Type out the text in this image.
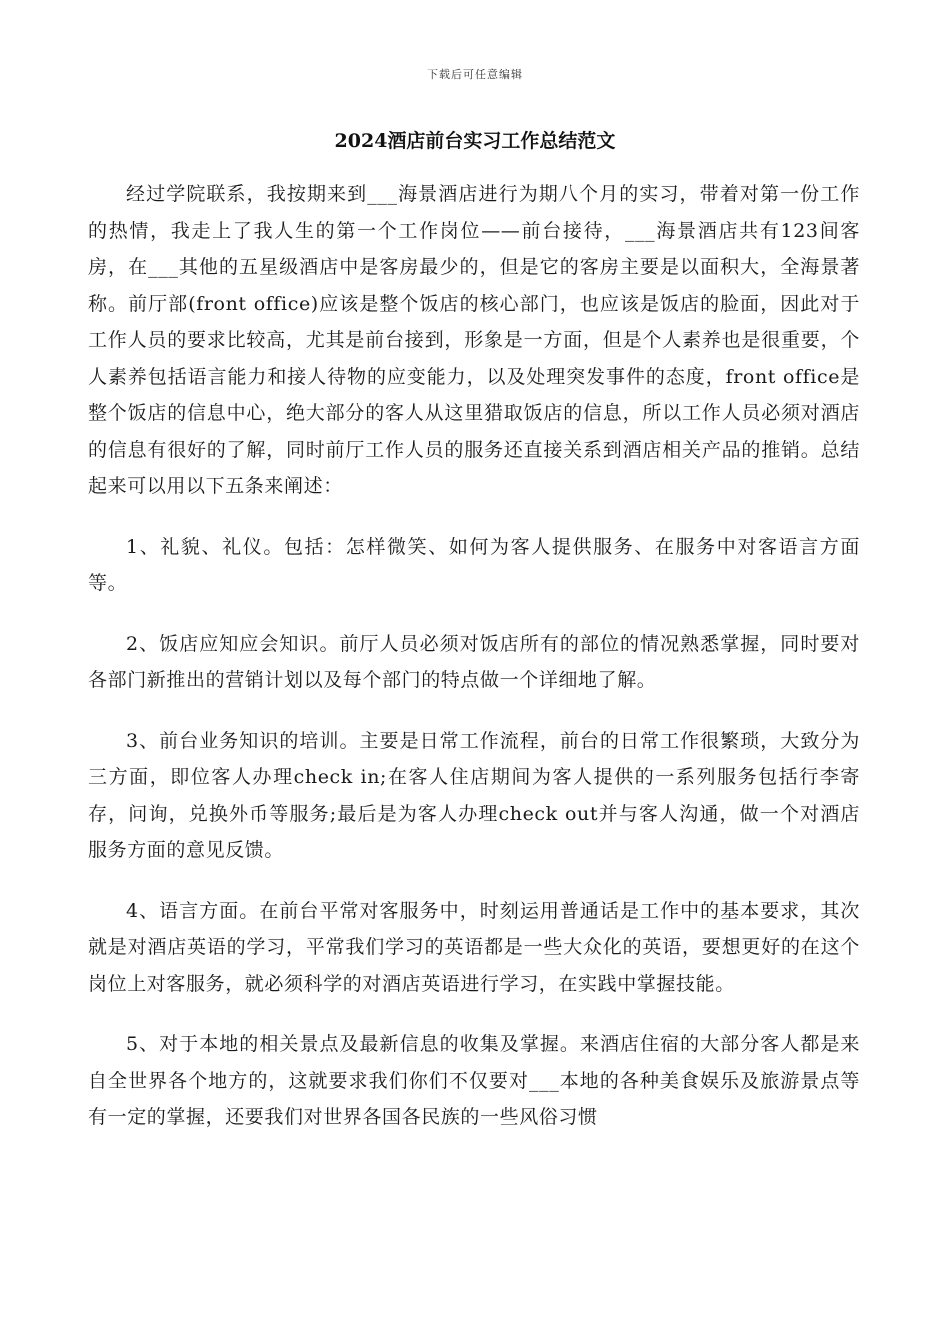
下载后可任意编辑
2024酒店前台实习工作总结范文

经过学院联系，我按期来到___海景酒店进行为期八个月的实习，带着对第一份工作的热情，我走上了我人生的第一个工作岗位——前台接待，___海景酒店共有123间客房，在___其他的五星级酒店中是客房最少的，但是它的客房主要是以面积大，全海景著称。前厅部(front office)应该是整个饭店的核心部门，也应该是饭店的脸面，因此对于工作人员的要求比较高，尤其是前台接到，形象是一方面，但是个人素养也是很重要，个人素养包括语言能力和接人待物的应变能力，以及处理突发事件的态度，front office是整个饭店的信息中心，绝大部分的客人从这里猎取饭店的信息，所以工作人员必须对酒店的信息有很好的了解，同时前厅工作人员的服务还直接关系到酒店相关产品的推销。总结起来可以用以下五条来阐述：

1、礼貌、礼仪。包括：怎样微笑、如何为客人提供服务、在服务中对客语言方面等。

2、饭店应知应会知识。前厅人员必须对饭店所有的部位的情况熟悉掌握，同时要对各部门新推出的营销计划以及每个部门的特点做一个详细地了解。

3、前台业务知识的培训。主要是日常工作流程，前台的日常工作很繁琐，大致分为三方面，即位客人办理check in;在客人住店期间为客人提供的一系列服务包括行李寄存，问询，兑换外币等服务;最后是为客人办理check out并与客人沟通，做一个对酒店服务方面的意见反馈。

4、语言方面。在前台平常对客服务中，时刻运用普通话是工作中的基本要求，其次就是对酒店英语的学习，平常我们学习的英语都是一些大众化的英语，要想更好的在这个岗位上对客服务，就必须科学的对酒店英语进行学习，在实践中掌握技能。

5、对于本地的相关景点及最新信息的收集及掌握。来酒店住宿的大部分客人都是来自全世界各个地方的，这就要求我们你们不仅要对___本地的各种美食娱乐及旅游景点等有一定的掌握，还要我们对世界各国各民族的一些风俗习惯
